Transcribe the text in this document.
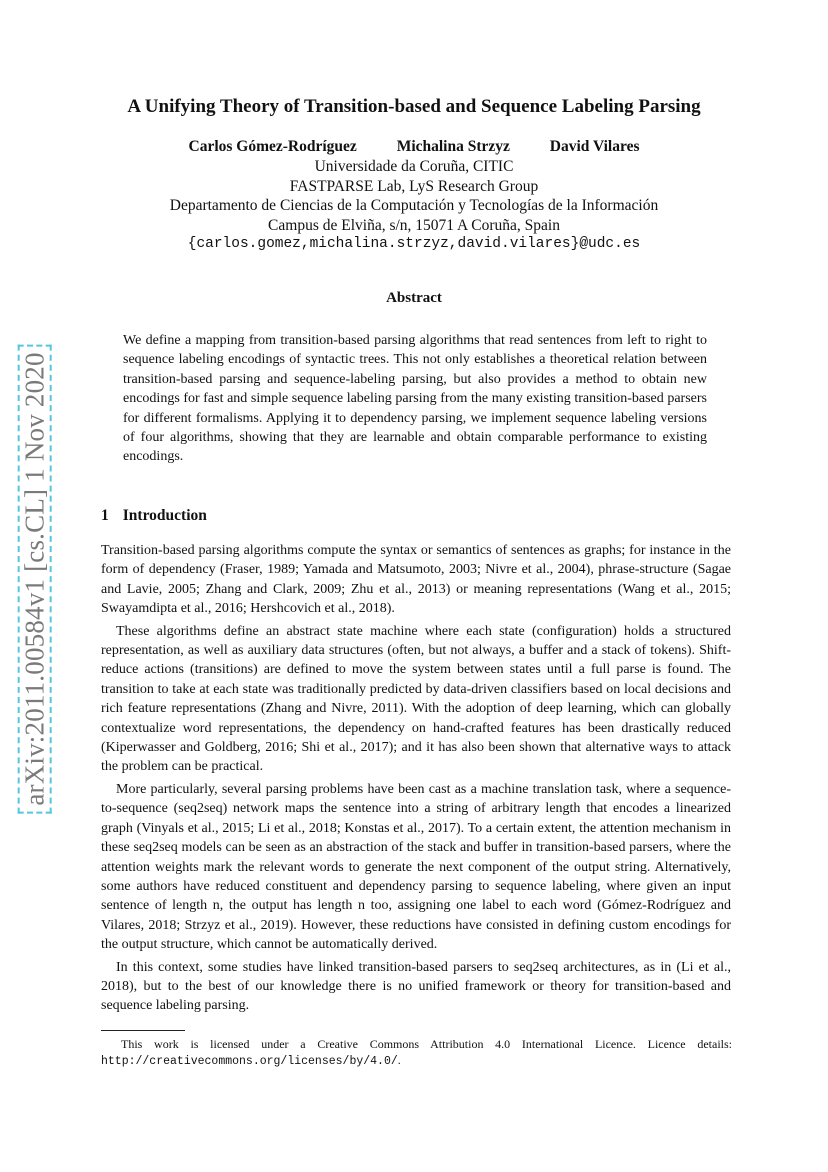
arXiv:2011.00584v1 [cs.CL] 1 Nov 2020
A Unifying Theory of Transition-based and Sequence Labeling Parsing
Carlos Gómez-Rodríguez	Michalina Strzyz	David Vilares
Universidade da Coruña, CITIC
FASTPARSE Lab, LyS Research Group
Departamento de Ciencias de la Computación y Tecnologías de la Información
Campus de Elviña, s/n, 15071 A Coruña, Spain
{carlos.gomez,michalina.strzyz,david.vilares}@udc.es
Abstract
We define a mapping from transition-based parsing algorithms that read sentences from left to right to sequence labeling encodings of syntactic trees. This not only establishes a theoretical relation between transition-based parsing and sequence-labeling parsing, but also provides a method to obtain new encodings for fast and simple sequence labeling parsing from the many existing transition-based parsers for different formalisms. Applying it to dependency parsing, we implement sequence labeling versions of four algorithms, showing that they are learnable and obtain comparable performance to existing encodings.
1 Introduction

Transition-based parsing algorithms compute the syntax or semantics of sentences as graphs; for instance in the form of dependency (Fraser, 1989; Yamada and Matsumoto, 2003; Nivre et al., 2004), phrase-structure (Sagae and Lavie, 2005; Zhang and Clark, 2009; Zhu et al., 2013) or meaning representations (Wang et al., 2015; Swayamdipta et al., 2016; Hershcovich et al., 2018).

These algorithms define an abstract state machine where each state (configuration) holds a structured representation, as well as auxiliary data structures (often, but not always, a buffer and a stack of tokens). Shift-reduce actions (transitions) are defined to move the system between states until a full parse is found. The transition to take at each state was traditionally predicted by data-driven classifiers based on local decisions and rich feature representations (Zhang and Nivre, 2011). With the adoption of deep learning, which can globally contextualize word representations, the dependency on hand-crafted features has been drastically reduced (Kiperwasser and Goldberg, 2016; Shi et al., 2017); and it has also been shown that alternative ways to attack the problem can be practical.

More particularly, several parsing problems have been cast as a machine translation task, where a sequence-to-sequence (seq2seq) network maps the sentence into a string of arbitrary length that encodes a linearized graph (Vinyals et al., 2015; Li et al., 2018; Konstas et al., 2017). To a certain extent, the attention mechanism in these seq2seq models can be seen as an abstraction of the stack and buffer in transition-based parsers, where the attention weights mark the relevant words to generate the next component of the output string. Alternatively, some authors have reduced constituent and dependency parsing to sequence labeling, where given an input sentence of length n, the output has length n too, assigning one label to each word (Gómez-Rodríguez and Vilares, 2018; Strzyz et al., 2019). However, these reductions have consisted in defining custom encodings for the output structure, which cannot be automatically derived.

In this context, some studies have linked transition-based parsers to seq2seq architectures, as in (Li et al., 2018), but to the best of our knowledge there is no unified framework or theory for transition-based and sequence labeling parsing.

This work is licensed under a Creative Commons Attribution 4.0 International Licence. Licence details: http://creativecommons.org/licenses/by/4.0/.
